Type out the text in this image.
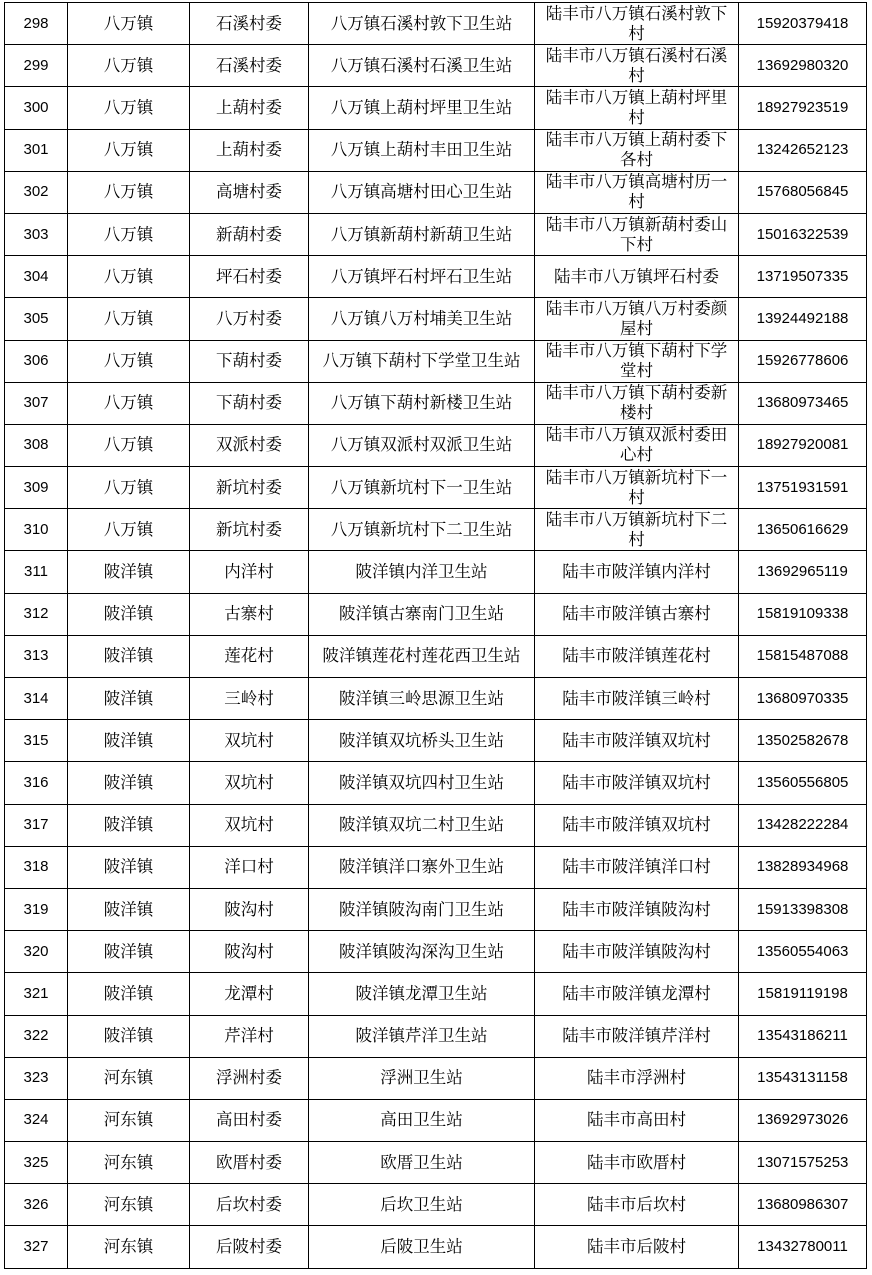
298	八万镇	石溪村委	八万镇石溪村敦下卫生站	陆丰市八万镇石溪村敦下村	15920379418
299	八万镇	石溪村委	八万镇石溪村石溪卫生站	陆丰市八万镇石溪村石溪村	13692980320
300	八万镇	上葫村委	八万镇上葫村坪里卫生站	陆丰市八万镇上葫村坪里村	18927923519
301	八万镇	上葫村委	八万镇上葫村丰田卫生站	陆丰市八万镇上葫村委下各村	13242652123
302	八万镇	高塘村委	八万镇高塘村田心卫生站	陆丰市八万镇高塘村历一村	15768056845
303	八万镇	新葫村委	八万镇新葫村新葫卫生站	陆丰市八万镇新葫村委山下村	15016322539
304	八万镇	坪石村委	八万镇坪石村坪石卫生站	陆丰市八万镇坪石村委	13719507335
305	八万镇	八万村委	八万镇八万村埔美卫生站	陆丰市八万镇八万村委颜屋村	13924492188
306	八万镇	下葫村委	八万镇下葫村下学堂卫生站	陆丰市八万镇下葫村下学堂村	15926778606
307	八万镇	下葫村委	八万镇下葫村新楼卫生站	陆丰市八万镇下葫村委新楼村	13680973465
308	八万镇	双派村委	八万镇双派村双派卫生站	陆丰市八万镇双派村委田心村	18927920081
309	八万镇	新坑村委	八万镇新坑村下一卫生站	陆丰市八万镇新坑村下一村	13751931591
310	八万镇	新坑村委	八万镇新坑村下二卫生站	陆丰市八万镇新坑村下二村	13650616629
311	陂洋镇	内洋村	陂洋镇内洋卫生站	陆丰市陂洋镇内洋村	13692965119
312	陂洋镇	古寨村	陂洋镇古寨南门卫生站	陆丰市陂洋镇古寨村	15819109338
313	陂洋镇	莲花村	陂洋镇莲花村莲花西卫生站	陆丰市陂洋镇莲花村	15815487088
314	陂洋镇	三岭村	陂洋镇三岭思源卫生站	陆丰市陂洋镇三岭村	13680970335
315	陂洋镇	双坑村	陂洋镇双坑桥头卫生站	陆丰市陂洋镇双坑村	13502582678
316	陂洋镇	双坑村	陂洋镇双坑四村卫生站	陆丰市陂洋镇双坑村	13560556805
317	陂洋镇	双坑村	陂洋镇双坑二村卫生站	陆丰市陂洋镇双坑村	13428222284
318	陂洋镇	洋口村	陂洋镇洋口寨外卫生站	陆丰市陂洋镇洋口村	13828934968
319	陂洋镇	陂沟村	陂洋镇陂沟南门卫生站	陆丰市陂洋镇陂沟村	15913398308
320	陂洋镇	陂沟村	陂洋镇陂沟深沟卫生站	陆丰市陂洋镇陂沟村	13560554063
321	陂洋镇	龙潭村	陂洋镇龙潭卫生站	陆丰市陂洋镇龙潭村	15819119198
322	陂洋镇	芹洋村	陂洋镇芹洋卫生站	陆丰市陂洋镇芹洋村	13543186211
323	河东镇	浮洲村委	浮洲卫生站	陆丰市浮洲村	13543131158
324	河东镇	高田村委	高田卫生站	陆丰市高田村	13692973026
325	河东镇	欧厝村委	欧厝卫生站	陆丰市欧厝村	13071575253
326	河东镇	后坎村委	后坎卫生站	陆丰市后坎村	13680986307
327	河东镇	后陂村委	后陂卫生站	陆丰市后陂村	13432780011
